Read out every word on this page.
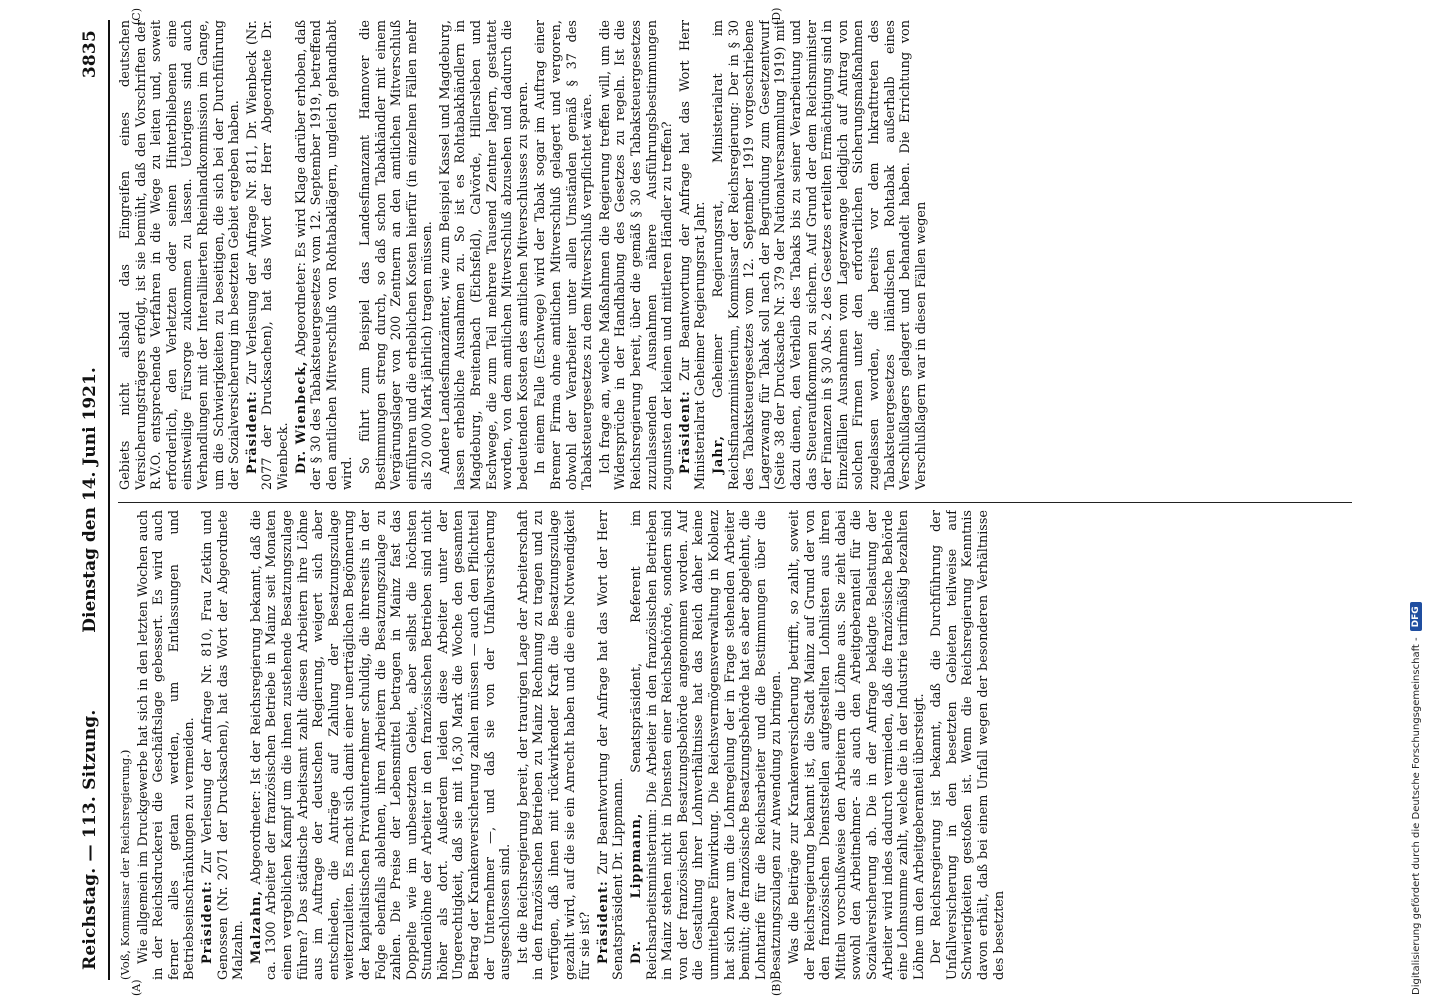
Reichstag. — 113. Sitzung.
Dienstag den 14. Juni 1921.
3835
(A)	(B)
(C)	(D)

(Voß, Kommissar der Reichsregierung.) Wie allgemein im Druckgewerbe hat sich in den letzten Wochen auch in der Reichsdruckerei die Geschäftslage gebessert. Es wird auch ferner alles getan werden, um Entlassungen und Betriebseinschränkungen zu vermeiden. Präsident: Zur Verlesung der Anfrage Nr. 810, Frau Zetkin und Genossen (Nr. 2071 der Drucksachen), hat das Wort der Abgeordnete Malzahn. Malzahn, Abgeordneter: Ist der Reichsregierung bekannt, daß die ca. 1300 Arbeiter der französischen Betriebe in Mainz seit Monaten einen vergeblichen Kampf um die ihnen zustehende Besatzungszulage führen? Das städtische Arbeitsamt zahlt diesen Arbeitern ihre Löhne aus im Auftrage der deutschen Regierung, weigert sich aber entschieden, die Anträge auf Zahlung der Besatzungszulage weiterzuleiten. Es macht sich damit einer unerträglichen Begönnerung der kapitalistischen Privatunternehmer schuldig, die ihrerseits in der Folge ebenfalls ablehnen, ihren Arbeitern die Besatzungszulage zu zahlen. Die Preise der Lebensmittel betragen in Mainz fast das Doppelte wie im unbesetzten Gebiet, aber selbst die höchsten Stundenlöhne der Arbeiter in den französischen Betrieben sind nicht höher als dort. Außerdem leiden diese Arbeiter unter der Ungerechtigkeit, daß sie mit 16,30 Mark die Woche den gesamten Betrag der Krankenversicherung zahlen müssen — auch den Pflichtteil der Unternehmer —, und daß sie von der Unfallversicherung ausgeschlossen sind. Ist die Reichsregierung bereit, der traurigen Lage der Arbeiterschaft in den französischen Betrieben zu Mainz Rechnung zu tragen und zu verfügen, daß ihnen mit rückwirkender Kraft die Besatzungszulage gezahlt wird, auf die sie ein Anrecht haben und die eine Notwendigkeit für sie ist? Präsident: Zur Beantwortung der Anfrage hat das Wort der Herr Senatspräsident Dr. Lippmann. Dr. Lippmann, Senatspräsident, Referent im Reichsarbeitsministerium: Die Arbeiter in den französischen Betrieben in Mainz stehen nicht in Diensten einer Reichsbehörde, sondern sind von der französischen Besatzungsbehörde angenommen worden. Auf die Gestaltung ihrer Lohnverhältnisse hat das Reich daher keine unmittelbare Einwirkung. Die Reichsvermögensverwaltung in Koblenz hat sich zwar um die Lohnregelung der in Frage stehenden Arbeiter bemüht; die französische Besatzungsbehörde hat es aber abgelehnt, die Lohntarife für die Reichsarbeiter und die Bestimmungen über die Besatzungszulagen zur Anwendung zu bringen. Was die Beiträge zur Krankenversicherung betrifft, so zahlt, soweit der Reichsregierung bekannt ist, die Stadt Mainz auf Grund der von den französischen Dienststellen aufgestellten Lohnlisten aus ihren Mitteln vorschußweise den Arbeitern die Löhne aus. Sie zieht dabei sowohl den Arbeitnehmer- als auch den Arbeitgeberanteil für die Sozialversicherung ab. Die in der Anfrage beklagte Belastung der Arbeiter wird indes dadurch vermieden, daß die französische Behörde eine Lohnsumme zahlt, welche die in der Industrie tarifmäßig bezahlten Löhne um den Arbeitgeberanteil übersteigt. Der Reichsregierung ist bekannt, daß die Durchführung der Unfallversicherung in den besetzten Gebieten teilweise auf Schwierigkeiten gestoßen ist. Wenn die Reichsregierung Kenntnis davon erhält, daß bei einem Unfall wegen der besonderen Verhältnisse des besetzten

Gebiets nicht alsbald das Eingreifen eines deutschen Versicherungsträgers erfolgt, ist sie bemüht, daß den Vorschriften der R.V.O. entsprechende Verfahren in die Wege zu leiten und, soweit erforderlich, den Verletzten oder seinen Hinterbliebenen eine einstweilige Fürsorge zukommen zu lassen. Uebrigens sind auch Verhandlungen mit der Interalliierten Rheinlandkommission im Gange, um die Schwierigkeiten zu beseitigen, die sich bei der Durchführung der Sozialversicherung im besetzten Gebiet ergeben haben. Präsident: Zur Verlesung der Anfrage Nr. 811, Dr. Wienbeck (Nr. 2077 der Drucksachen), hat das Wort der Herr Abgeordnete Dr. Wienbeck. Dr. Wienbeck, Abgeordneter: Es wird Klage darüber erhoben, daß der § 30 des Tabaksteuergesetzes vom 12. September 1919, betreffend den amtlichen Mitverschluß von Rohtabaklägern, ungleich gehandhabt wird. So führt zum Beispiel das Landesfinanzamt Hannover die Bestimmungen streng durch, so daß schon Tabakhändler mit einem Vergärungslager von 200 Zentnern an den amtlichen Mitverschluß einführen und die erheblichen Kosten hierfür (in einzelnen Fällen mehr als 20 000 Mark jährlich) tragen müssen. Andere Landesfinanzämter, wie zum Beispiel Kassel und Magdeburg, lassen erhebliche Ausnahmen zu. So ist es Rohtabakhändlern in Magdeburg, Breitenbach (Eichsfeld), Calvörde, Hillersleben und Eschwege, die zum Teil mehrere Tausend Zentner lagern, gestattet worden, von dem amtlichen Mitverschluß abzusehen und dadurch die bedeutenden Kosten des amtlichen Mitverschlusses zu sparen. In einem Falle (Eschwege) wird der Tabak sogar im Auftrag einer Bremer Firma ohne amtlichen Mitverschluß gelagert und vergoren, obwohl der Verarbeiter unter allen Umständen gemäß § 37 des Tabaksteuergesetzes zu dem Mitverschluß verpflichtet wäre. Ich frage an, welche Maßnahmen die Regierung treffen will, um die Widersprüche in der Handhabung des Gesetzes zu regeln. Ist die Reichsregierung bereit, über die gemäß § 30 des Tabaksteuergesetzes zuzulassenden Ausnahmen nähere Ausführungsbestimmungen zugunsten der kleinen und mittleren Händler zu treffen? Präsident: Zur Beantwortung der Anfrage hat das Wort Herr Ministerialrat Geheimer Regierungsrat Jahr. Jahr, Geheimer Regierungsrat, Ministerialrat im Reichsfinanzministerium, Kommissar der Reichsregierung: Der in § 30 des Tabaksteuergesetzes vom 12. September 1919 vorgeschriebene Lagerzwang für Tabak soll nach der Begründung zum Gesetzentwurf (Seite 38 der Drucksache Nr. 379 der Nationalversammlung 1919) mit dazu dienen, den Verbleib des Tabaks bis zu seiner Verarbeitung und das Steueraufkommen zu sichern. Auf Grund der dem Reichsminister der Finanzen in § 30 Abs. 2 des Gesetzes erteilten Ermächtigung sind in Einzelfällen Ausnahmen vom Lagerzwange lediglich auf Antrag von solchen Firmen unter den erforderlichen Sicherungsmaßnahmen zugelassen worden, die bereits vor dem Inkrafttreten des Tabaksteuergesetzes inländischen Rohtabak außerhalb eines Verschlußlagers gelagert und behandelt haben. Die Errichtung von Verschlußlagern war in diesen Fällen wegen

Digitalisierung gefördert durch die Deutsche Forschungsgemeinschaft -
DFG
